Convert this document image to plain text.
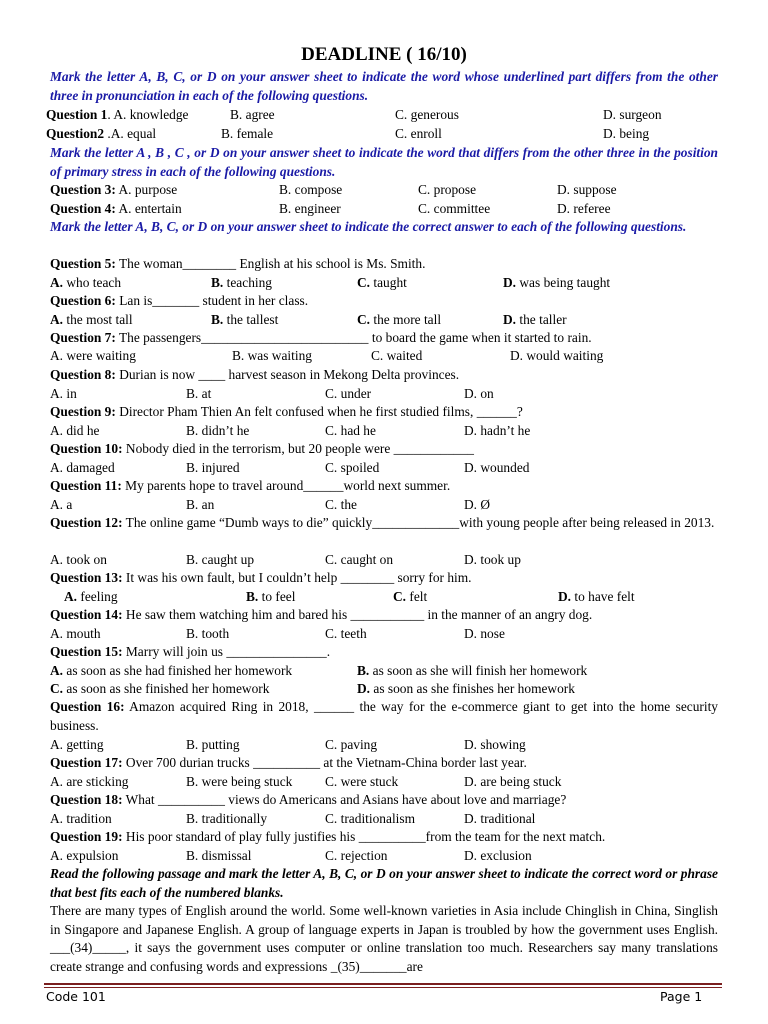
DEADLINE ( 16/10)
Mark the letter A, B, C, or D on your answer sheet to indicate the word whose underlined part differs from the other three in pronunciation in each of the following questions.
Question 1. A. knowledge	B. agree	C. generous	D. surgeon
Question2 .A. equal	B. female	C. enroll	D. being
Mark the letter A , B , C , or D on your answer sheet to indicate the word that differs from the other three in the position of primary stress in each of the following questions.
Question 3: A. purpose	B. compose	C. propose	D. suppose
Question 4: A. entertain	B. engineer	C. committee	D. referee
Mark the letter A, B, C, or D on your answer sheet to indicate the correct answer to each of the following questions.
Question 5: The woman________ English at his school is Ms. Smith.
A. who teach	B. teaching	C. taught	D. was being taught
Question 6: Lan is_______ student in her class.
A. the most tall	B. the tallest	C. the more tall	D. the taller
Question 7: The passengers_________________________ to board the game when it started to rain.
A. were waiting	B. was waiting	C. waited	D. would waiting
Question 8: Durian is now ____ harvest season in Mekong Delta provinces.
A. in	B. at	C. under	D. on
Question 9: Director Pham Thien An felt confused when he first studied films, ______?
A. did he	B. didn’t he	C. had he	D. hadn’t he
Question 10: Nobody died in the terrorism, but 20 people were ____________
A. damaged	B. injured	C. spoiled	D. wounded
Question 11: My parents hope to travel around______world next summer.
A. a	B. an	C. the	D. Ø
Question 12: The online game “Dumb ways to die” quickly_____________with young people after being released in 2013.
A. took on	B. caught up	C. caught on	D. took up
Question 13: It was his own fault, but I couldn’t help ________ sorry for him.
A. feeling	B. to feel	C. felt	D. to have felt
Question 14: He saw them watching him and bared his ___________ in the manner of an angry dog.
A. mouth	B. tooth	C. teeth	D. nose
Question 15: Marry will join us _______________.
A. as soon as she had finished her homework	B. as soon as she will finish her homework
C. as soon as she finished her homework	D. as soon as she finishes her homework
Question 16: Amazon acquired Ring in 2018, ______ the way for the e-commerce giant to get into the home security business.
A. getting	B. putting	C. paving	D. showing
Question 17: Over 700 durian trucks __________ at the Vietnam-China border last year.
A. are sticking	B. were being stuck C. were stuck	D. are being stuck
Question 18: What __________ views do Americans and Asians have about love and marriage?
A. tradition	B. traditionally	C. traditionalism	D. traditional
Question 19: His poor standard of play fully justifies his __________from the team for the next match.
A. expulsion	B. dismissal	C. rejection	D. exclusion
Read the following passage and mark the letter A, B, C, or D on your answer sheet to indicate the correct word or phrase that best fits each of the numbered blanks.
There are many types of English around the world. Some well-known varieties in Asia include Chinglish in China, Singlish in Singapore and Japanese English. A group of language experts in Japan is troubled by how the government uses English. ___(34)_____, it says the government uses computer or online translation too much. Researchers say many translations create strange and confusing words and expressions _(35)_______are
Code 101	Page 1
